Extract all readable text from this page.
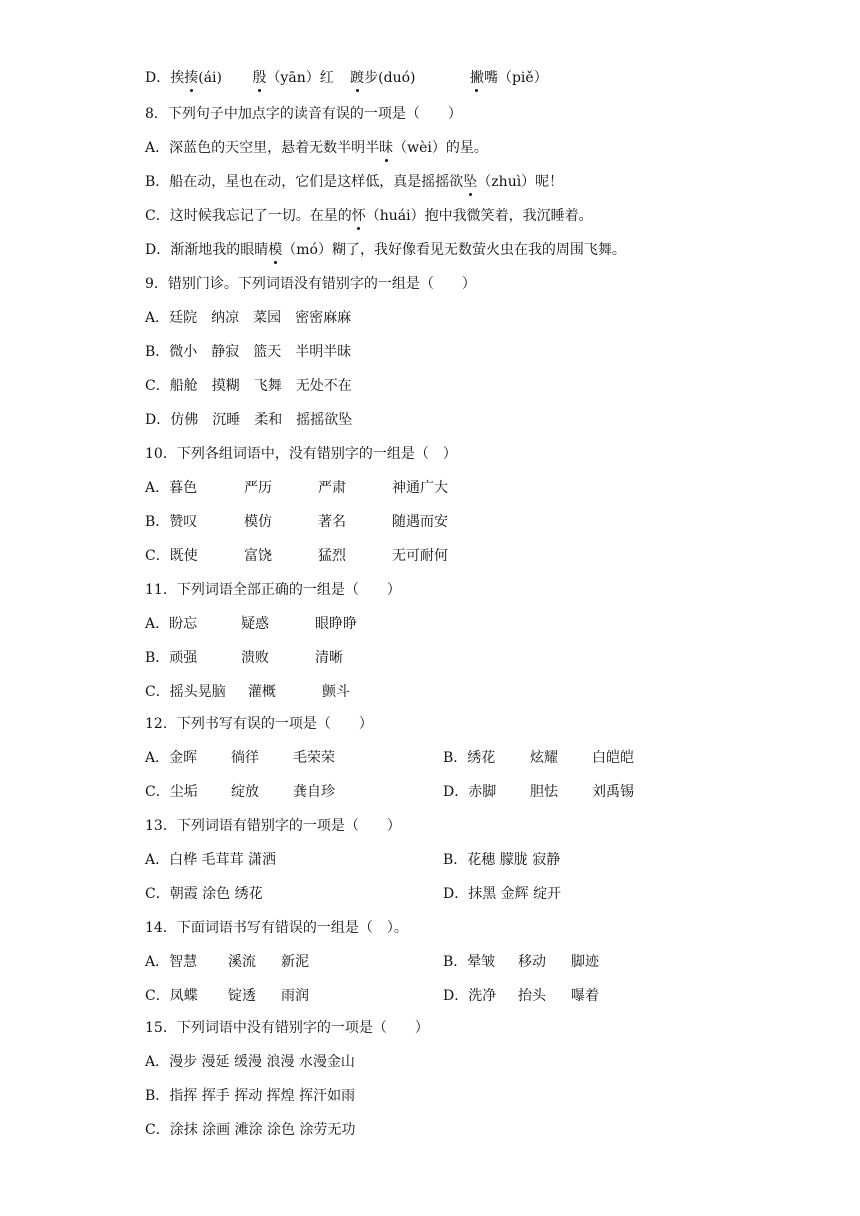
D．挨揍(ái) 殷（yān）红 踱步(duó)	撇嘴（piě）
8．下列句子中加点字的读音有误的一项是（　　）
A．深蓝色的天空里，悬着无数半明半昧（wèi）的星。
B．船在动，星也在动，它们是这样低，真是摇摇欲坠（zhuì）呢！
C．这时候我忘记了一切。在星的怀（huái）抱中我微笑着，我沉睡着。
D．渐渐地我的眼睛模（mó）糊了，我好像看见无数萤火虫在我的周围飞舞。
9．错别门诊。下列词语没有错别字的一组是（　　）
A．廷院　纳凉　菜园　密密麻麻
B．微小　静寂　篮天　半明半昧
C．船舱　摸糊　飞舞　无处不在
D．仿佛　沉睡　柔和　摇摇欲坠
10．下列各组词语中，没有错别字的一组是（　）
A．暮色	严历	严肃	神通广大
B．赞叹	模仿	著名	随遇而安
C．既使	富饶	猛烈	无可耐何
11．下列词语全部正确的一组是（　　）
A．盼忘	疑惑	眼睁睁
B．顽强	溃败	清晰
C．摇头晃脑 灌概	颤斗
12．下列书写有误的一项是（　　）
A．金晖 徜徉 毛荣荣	B．绣花 炫耀 白皑皑
C．尘垢 绽放 龚自珍	D．赤脚 胆怯 刘禹锡
13．下列词语有错别字的一项是（　　）
A．白桦 毛茸茸 潇洒	B．花穗 朦胧 寂静
C．朝霞 涂色 绣花	D．抹黑 金辉 绽开
14．下面词语书写有错误的一组是（　）。
A．智慧 溪流 新泥	B．晕皱 移动 脚迹
C．凤蝶 锭透 雨润	D．洗净 抬头 嚗着
15．下列词语中没有错别字的一项是（　　）
A．漫步 漫延 缓漫 浪漫 水漫金山
B．指挥 挥手 挥动 挥煌 挥汗如雨
C．涂抹 涂画 滩涂 涂色 涂劳无功
